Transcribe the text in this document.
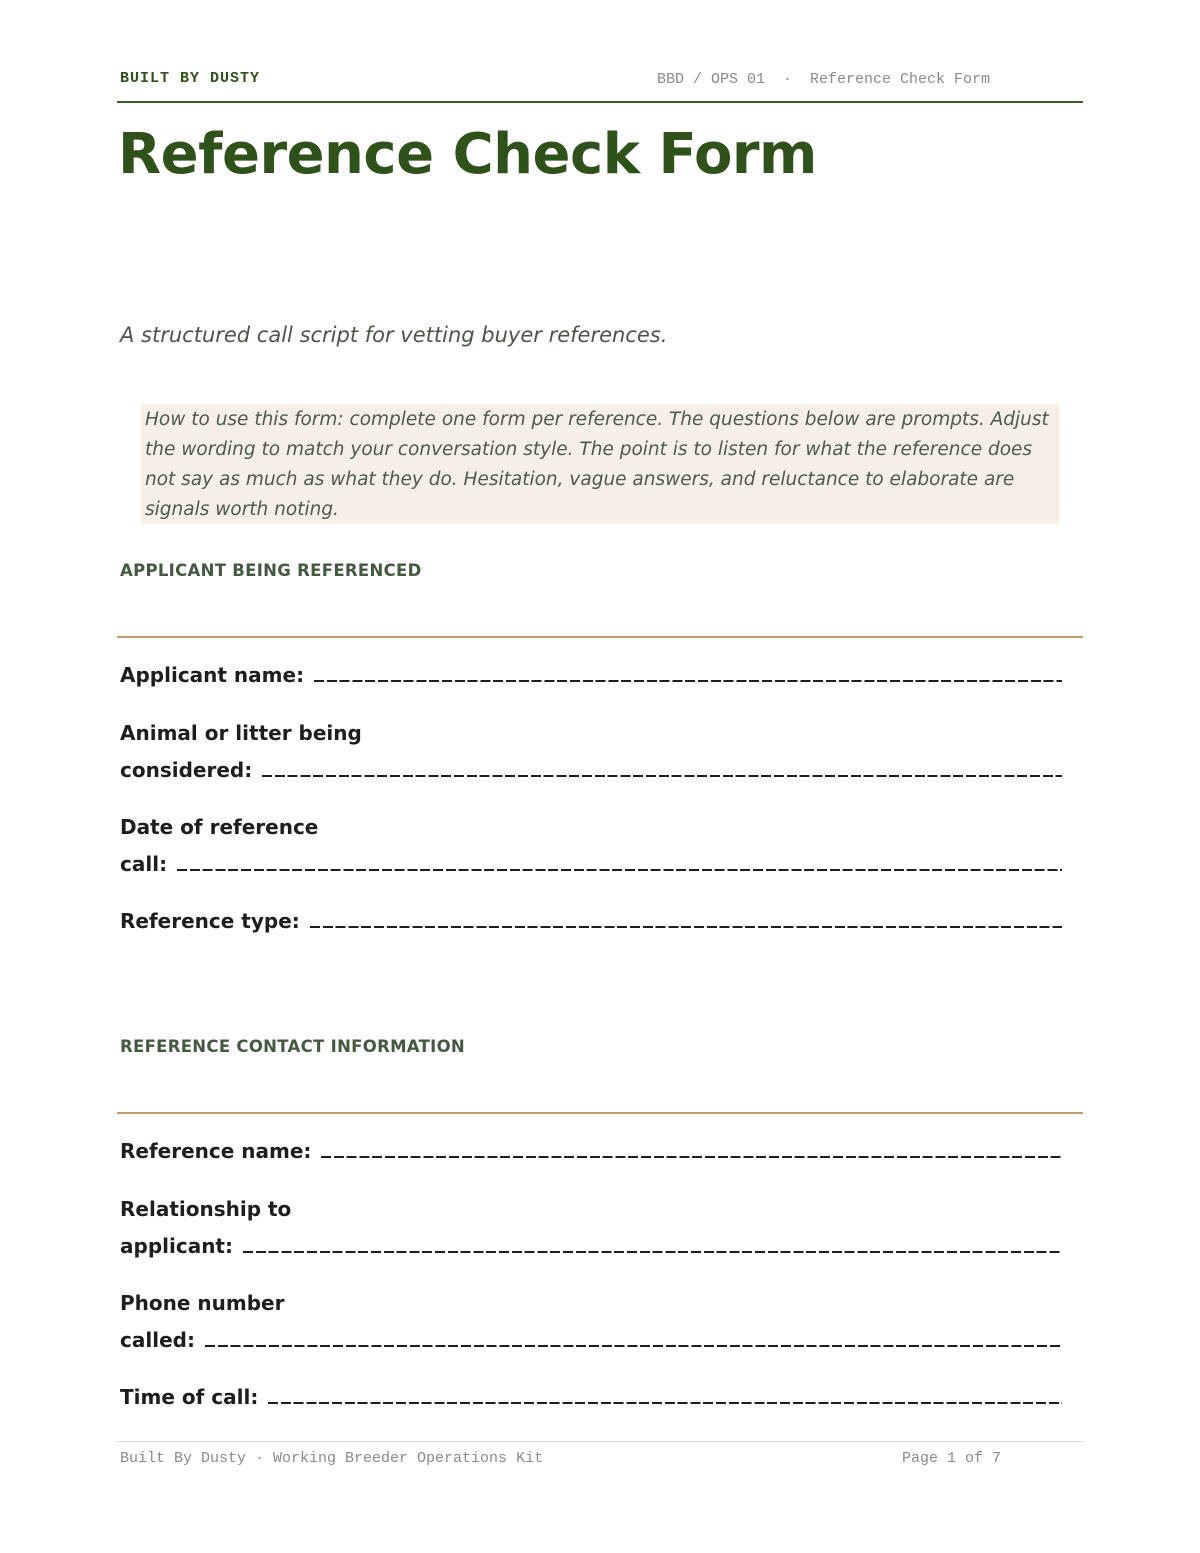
BUILT BY DUSTY	BBD / OPS 01  ·  Reference Check Form
Reference Check Form
A structured call script for vetting buyer references.
How to use this form: complete one form per reference. The questions below are prompts. Adjust the wording to match your conversation style. The point is to listen for what the reference does not say as much as what they do. Hesitation, vague answers, and reluctance to elaborate are signals worth noting.
APPLICANT BEING REFERENCED
Applicant name:
Animal or litter being
considered:
Date of reference
call:
Reference type:
REFERENCE CONTACT INFORMATION
Reference name:
Relationship to
applicant:
Phone number
called:
Time of call:
Built By Dusty · Working Breeder Operations Kit	Page 1 of 7
